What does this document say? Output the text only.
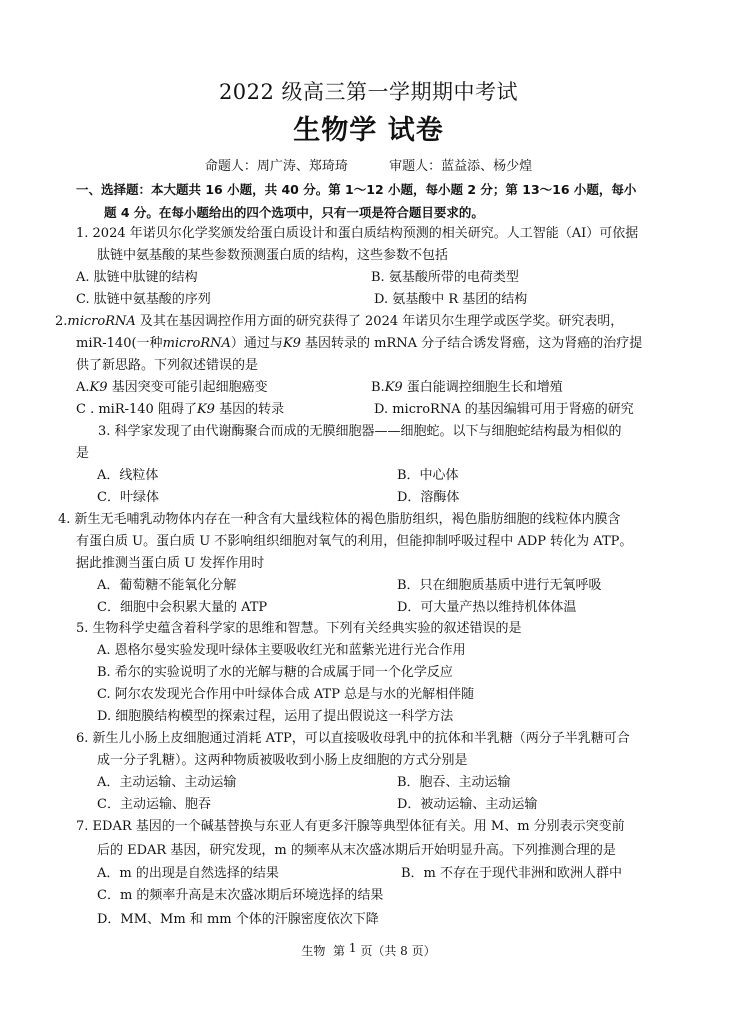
2022 级高三第一学期期中考试
生物学 试卷
命题人：周广涛、郑琦琦          审题人：蓝益添、杨少煌
一、选择题：本大题共 16 小题，共 40 分。第 1～12 小题，每小题 2 分；第 13～16 小题，每小
题 4 分。在每小题给出的四个选项中，只有一项是符合题目要求的。
1. 2024 年诺贝尔化学奖颁发给蛋白质设计和蛋白质结构预测的相关研究。人工智能（AI）可依据
肽链中氨基酸的某些参数预测蛋白质的结构，这些参数不包括
A. 肽链中肽键的结构	B. 氨基酸所带的电荷类型
C. 肽链中氨基酸的序列	D. 氨基酸中 R 基团的结构
2.microRNA 及其在基因调控作用方面的研究获得了 2024 年诺贝尔生理学或医学奖。研究表明，
miR-140(一种microRNA）通过与K9 基因转录的 mRNA 分子结合诱发肾癌，这为肾癌的治疗提
供了新思路。下列叙述错误的是
A.K9 基因突变可能引起细胞癌变	B.K9 蛋白能调控细胞生长和增殖
C . miR-140 阻碍了K9 基因的转录	D. microRNA 的基因编辑可用于肾癌的研究
3. 科学家发现了由代谢酶聚合而成的无膜细胞器——细胞蛇。以下与细胞蛇结构最为相似的
是
A．线粒体	B．中心体
C．叶绿体	D．溶酶体
4. 新生无毛哺乳动物体内存在一种含有大量线粒体的褐色脂肪组织，褐色脂肪细胞的线粒体内膜含
有蛋白质 U。蛋白质 U 不影响组织细胞对氧气的利用，但能抑制呼吸过程中 ADP 转化为 ATP。
据此推测当蛋白质 U 发挥作用时
A．葡萄糖不能氧化分解	B．只在细胞质基质中进行无氧呼吸
C．细胞中会积累大量的 ATP	D．可大量产热以维持机体体温
5. 生物科学史蕴含着科学家的思维和智慧。下列有关经典实验的叙述错误的是
A. 恩格尔曼实验发现叶绿体主要吸收红光和蓝紫光进行光合作用
B. 希尔的实验说明了水的光解与糖的合成属于同一个化学反应
C. 阿尔农发现光合作用中叶绿体合成 ATP 总是与水的光解相伴随
D. 细胞膜结构模型的探索过程，运用了提出假说这一科学方法
6. 新生儿小肠上皮细胞通过消耗 ATP，可以直接吸收母乳中的抗体和半乳糖（两分子半乳糖可合
成一分子乳糖）。这两种物质被吸收到小肠上皮细胞的方式分别是
A．主动运输、主动运输	B．胞吞、主动运输
C．主动运输、胞吞	D．被动运输、主动运输
7. EDAR 基因的一个碱基替换与东亚人有更多汗腺等典型体征有关。用 M、m 分别表示突变前
后的 EDAR 基因，研究发现，m 的频率从末次盛冰期后开始明显升高。下列推测合理的是
A．m 的出现是自然选择的结果	B．m 不存在于现代非洲和欧洲人群中
C．m 的频率升高是末次盛冰期后环境选择的结果
D．MM、Mm 和 mm 个体的汗腺密度依次下降
生物  第 1 页（共 8 页）
